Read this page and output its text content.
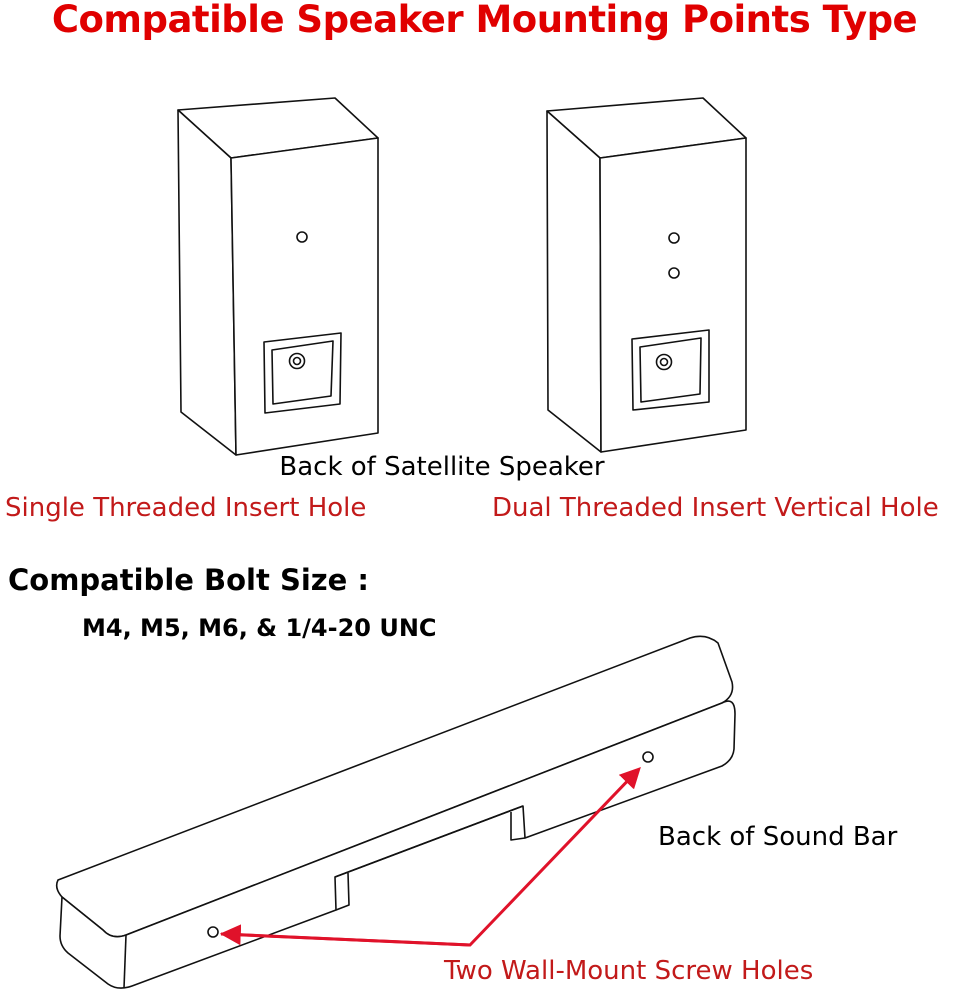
Compatible Speaker Mounting Points Type
Back of Satellite Speaker
Single Threaded Insert Hole	Dual Threaded Insert Vertical Hole
Compatible Bolt Size :
M4, M5, M6, & 1/4-20 UNC
Back of Sound Bar
Two Wall-Mount Screw Holes
